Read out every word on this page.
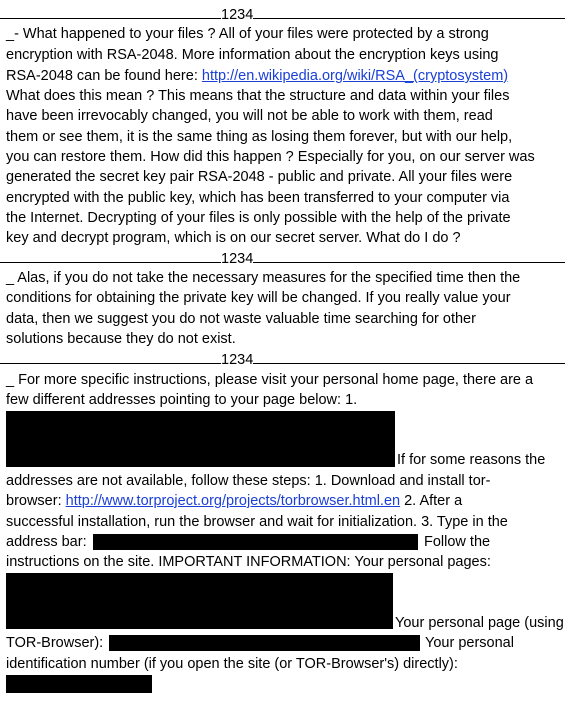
1234
_- What happened to your files ? All of your files were protected by a strong
encryption with RSA-2048. More information about the encryption keys using
RSA-2048 can be found here: http://en.wikipedia.org/wiki/RSA_(cryptosystem)
What does this mean ? This means that the structure and data within your files
have been irrevocably changed, you will not be able to work with them, read
them or see them, it is the same thing as losing them forever, but with our help,
you can restore them. How did this happen ? Especially for you, on our server was
generated the secret key pair RSA-2048 - public and private. All your files were
encrypted with the public key, which has been transferred to your computer via
the Internet. Decrypting of your files is only possible with the help of the private
key and decrypt program, which is on our secret server. What do I do ?
1234
_ Alas, if you do not take the necessary measures for the specified time then the
conditions for obtaining the private key will be changed. If you really value your
data, then we suggest you do not waste valuable time searching for other
solutions because they do not exist.
1234
_ For more specific instructions, please visit your personal home page, there are a
few different addresses pointing to your page below: 1.
If for some reasons the
addresses are not available, follow these steps: 1. Download and install tor-
browser: http://www.torproject.org/projects/torbrowser.html.en 2. After a
successful installation, run the browser and wait for initialization. 3. Type in the
address bar:	Follow the
instructions on the site. IMPORTANT INFORMATION: Your personal pages:
Your personal page (using
TOR-Browser):	Your personal
identification number (if you open the site (or TOR-Browser's) directly):
